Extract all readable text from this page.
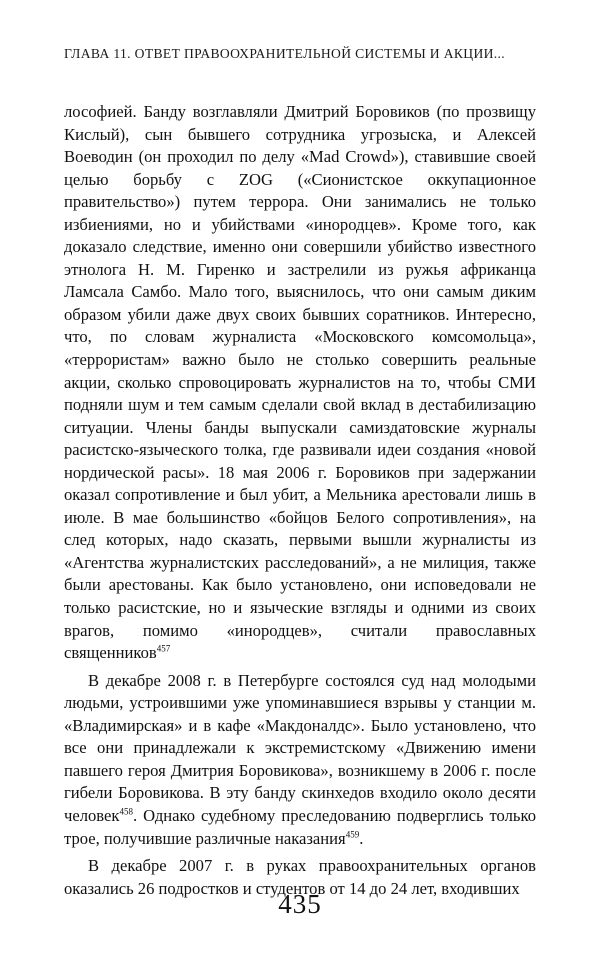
ГЛАВА 11. ОТВЕТ ПРАВООХРАНИТЕЛЬНОЙ СИСТЕМЫ И АКЦИИ...

лософией. Банду возглавляли Дмитрий Боровиков (по прозвищу Кислый), сын бывшего сотрудника угрозыска, и Алексей Воеводин (он проходил по делу «Mad Crowd»), ставившие своей целью борьбу с ZOG («Сионистское оккупационное правительство») путем террора. Они занимались не только избиениями, но и убийствами «инородцев». Кроме того, как доказало следствие, именно они совершили убийство известного этнолога Н. М. Гиренко и застрелили из ружья африканца Ламсала Самбо. Мало того, выяснилось, что они самым диким образом убили даже двух своих бывших соратников. Интересно, что, по словам журналиста «Московского комсомольца», «террористам» важно было не столько совершить реальные акции, сколько спровоцировать журналистов на то, чтобы СМИ подняли шум и тем самым сделали свой вклад в дестабилизацию ситуации. Члены банды выпускали самиздатовские журналы расистско-языческого толка, где развивали идеи создания «новой нордической расы». 18 мая 2006 г. Боровиков при задержании оказал сопротивление и был убит, а Мельника арестовали лишь в июле. В мае большинство «бойцов Белого сопротивления», на след которых, надо сказать, первыми вышли журналисты из «Агентства журналистских расследований», а не милиция, также были арестованы. Как было установлено, они исповедовали не только расистские, но и языческие взгляды и одними из своих врагов, помимо «инородцев», считали православных священников$^{457}$

В декабре 2008 г. в Петербурге состоялся суд над молодыми людьми, устроившими уже упоминавшиеся взрывы у станции м. «Владимирская» и в кафе «Макдоналдс». Было установлено, что все они принадлежали к экстремистскому «Движению имени павшего героя Дмитрия Боровикова», возникшему в 2006 г. после гибели Боровикова. В эту банду скинхедов входило около десяти человек$^{458}$. Однако судебному преследованию подверглись только трое, получившие различные наказания$^{459}$.

В декабре 2007 г. в руках правоохранительных органов оказались 26 подростков и студентов от 14 до 24 лет, входивших

435
